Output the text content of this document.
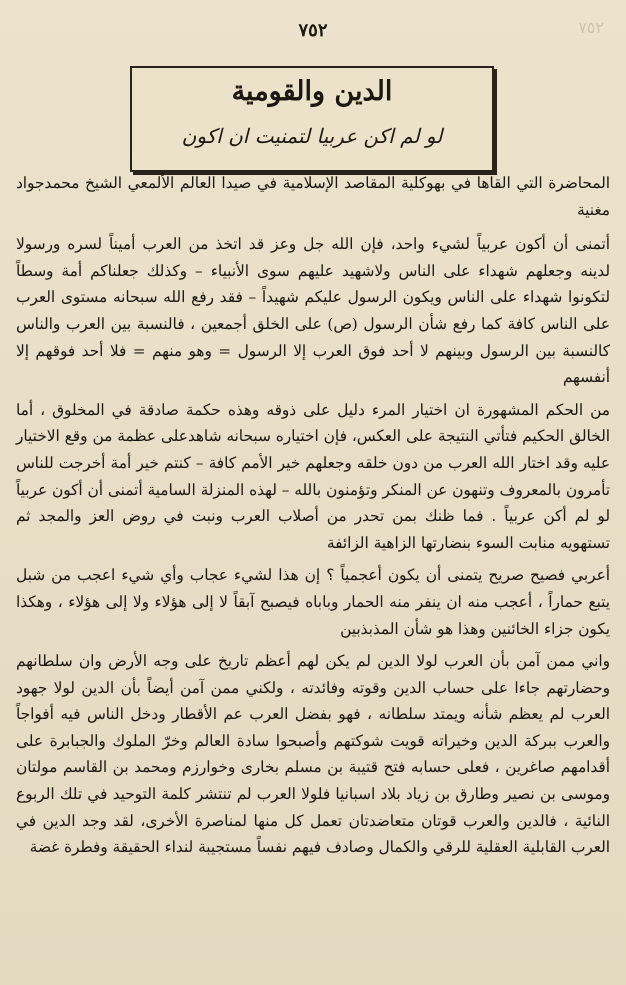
٧٥٢
٧٥٢
الدين والقومية
لو لم اكن عربيا لتمنيت ان اكون

المحاضرة التي القاها في بهوكلية المقاصد الإسلامية في صيدا العالم الألمعي الشيخ محمدجواد مغنية

أتمنى أن أكون عربياً لشيء واحد، فإن الله جل وعز قد اتخذ من العرب أميناً لسره ورسولا لدينه وجعلهم شهداء على الناس ولاشهيد عليهم سوى الأنبياء – وكذلك جعلناكم أمة وسطاً لتكونوا شهداء على الناس ويكون الرسول عليكم شهيداً – فقد رفع الله سبحانه مستوى العرب على الناس كافة كما رفع شأن الرسول (ص) على الخلق أجمعين ، فالنسبة بين العرب والناس كالنسبة بين الرسول وبينهم لا أحد فوق العرب إلا الرسول = وهو منهم = فلا أحد فوقهم إلا أنفسهم

من الحكم المشهورة ان اختيار المرء دليل على ذوقه وهذه حكمة صادقة في المخلوق ، أما الخالق الحكيم فتأتي النتيجة على العكس، فإن اختياره سبحانه شاهدعلى عظمة من وقع الاختيار عليه وقد اختار الله العرب من دون خلقه وجعلهم خير الأمم كافة – كنتم خير أمة أخرجت للناس تأمرون بالمعروف وتنهون عن المنكر وتؤمنون بالله – لهذه المنزلة السامية أتمنى أن أكون عربياً لو لم أكن عربياً . فما ظنك بمن تحدر من أصلاب العرب ونبت في روض العز والمجد ثم تستهويه منابت السوء بنضارتها الزاهية الزائفة

أعربي فصيح صريح يتمنى أن يكون أعجمياً ؟ إن هذا لشيء عجاب وأي شيء اعجب من شبل يتبع حماراً ، أعجب منه ان ينفر منه الحمار وباباه فيصبح آبقاً لا إلى هؤلاء ولا إلى هؤلاء ، وهكذا يكون جزاء الخائنين وهذا هو شأن المذبذبين

واني ممن آمن بأن العرب لولا الدين لم يكن لهم أعظم تاريخ على وجه الأرض وان سلطانهم وحضارتهم جاءا على حساب الدين وقوته وفائدته ، ولكني ممن آمن أيضاً بأن الدين لولا جهود العرب لم يعظم شأنه ويمتد سلطانه ، فهو بفضل العرب عم الأقطار ودخل الناس فيه أفواجاً والعرب ببركة الدين وخيراته قويت شوكتهم وأصبحوا سادة العالم وخرّ الملوك والجبابرة على أقدامهم صاغرين ، فعلى حسابه فتح قتيبة بن مسلم بخارى وخوارزم ومحمد بن القاسم مولتان وموسى بن نصير وطارق بن زياد بلاد اسبانيا فلولا العرب لم تنتشر كلمة التوحيد في تلك الربوع النائية ، فالدين والعرب قوتان متعاضدتان تعمل كل منها لمناصرة الأخرى، لقد وجد الدين في العرب القابلية العقلية للرقي والكمال وصادف فيهم نفساً مستجيبة لنداء الحقيقة وفطرة غضة
